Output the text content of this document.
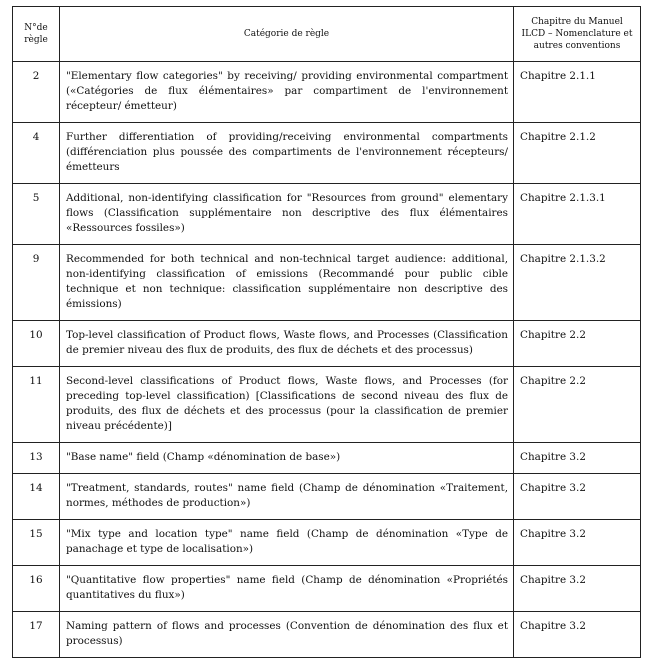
N°de règle	Catégorie de règle	Chapitre du Manuel ILCD – Nomenclature et autres conventions
2	"Elementary flow categories" by receiving/ providing environmental compartment («Catégories de flux élémentaires» par compartiment de l'environnement récepteur/ émetteur)	Chapitre 2.1.1
4	Further differentiation of providing/receiving environmental compartments (différenciation plus poussée des compartiments de l'environnement récepteurs/émetteurs	Chapitre 2.1.2
5	Additional, non-identifying classification for "Resources from ground" elementary flows (Classification supplémentaire non descriptive des flux élémentaires «Ressources fossiles»)	Chapitre 2.1.3.1
9	Recommended for both technical and non-technical target audience: additional, non-identifying classification of emissions (Recommandé pour public cible technique et non technique: classification supplémentaire non descriptive des émissions)	Chapitre 2.1.3.2
10	Top-level classification of Product flows, Waste flows, and Processes (Classification de premier niveau des flux de produits, des flux de déchets et des processus)	Chapitre 2.2
11	Second-level classifications of Product flows, Waste flows, and Processes (for preceding top-level classification) [Classifications de second niveau des flux de produits, des flux de déchets et des processus (pour la classification de premier niveau précédente)]	Chapitre 2.2
13	"Base name" field (Champ «dénomination de base»)	Chapitre 3.2
14	"Treatment, standards, routes" name field (Champ de dénomination «Traitement, normes, méthodes de production»)	Chapitre 3.2
15	"Mix type and location type" name field (Champ de dénomination «Type de panachage et type de localisation»)	Chapitre 3.2
16	"Quantitative flow properties" name field (Champ de dénomination «Propriétés quantitatives du flux»)	Chapitre 3.2
17	Naming pattern of flows and processes (Convention de dénomination des flux et processus)	Chapitre 3.2
